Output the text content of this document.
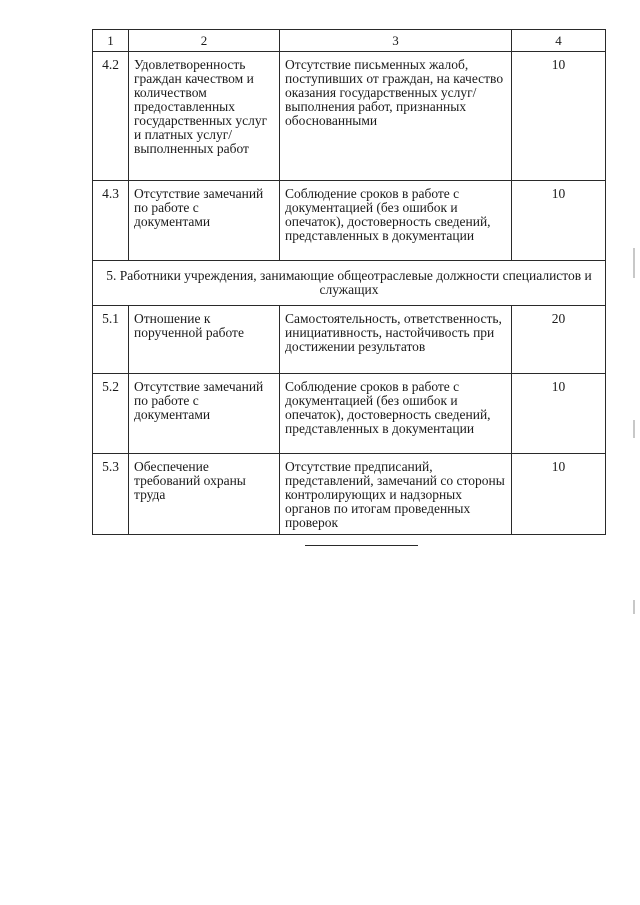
1	2	3	4
4.2	Удовлетворенность граждан качеством и количеством предоставленных государственных услуг и платных услуг/выполненных работ	Отсутствие письменных жалоб, поступивших от граждан, на качество оказания государственных услуг/ выполнения работ, признанных обоснованными	10
4.3	Отсутствие замечаний по работе с документами	Соблюдение сроков в работе с документацией (без ошибок и опечаток), достоверность сведений, представленных в документации	10
5. Работники учреждения, занимающие общеотраслевые должности специалистов и служащих			
5.1	Отношение к порученной работе	Самостоятельность, ответственность, инициативность, настойчивость при достижении результатов	20
5.2	Отсутствие замечаний по работе с документами	Соблюдение сроков в работе с документацией (без ошибок и опечаток), достоверность сведений, представленных в документации	10
5.3	Обеспечение требований охраны труда	Отсутствие предписаний, представлений, замечаний со стороны контролирующих и надзорных органов по итогам проведенных проверок	10
